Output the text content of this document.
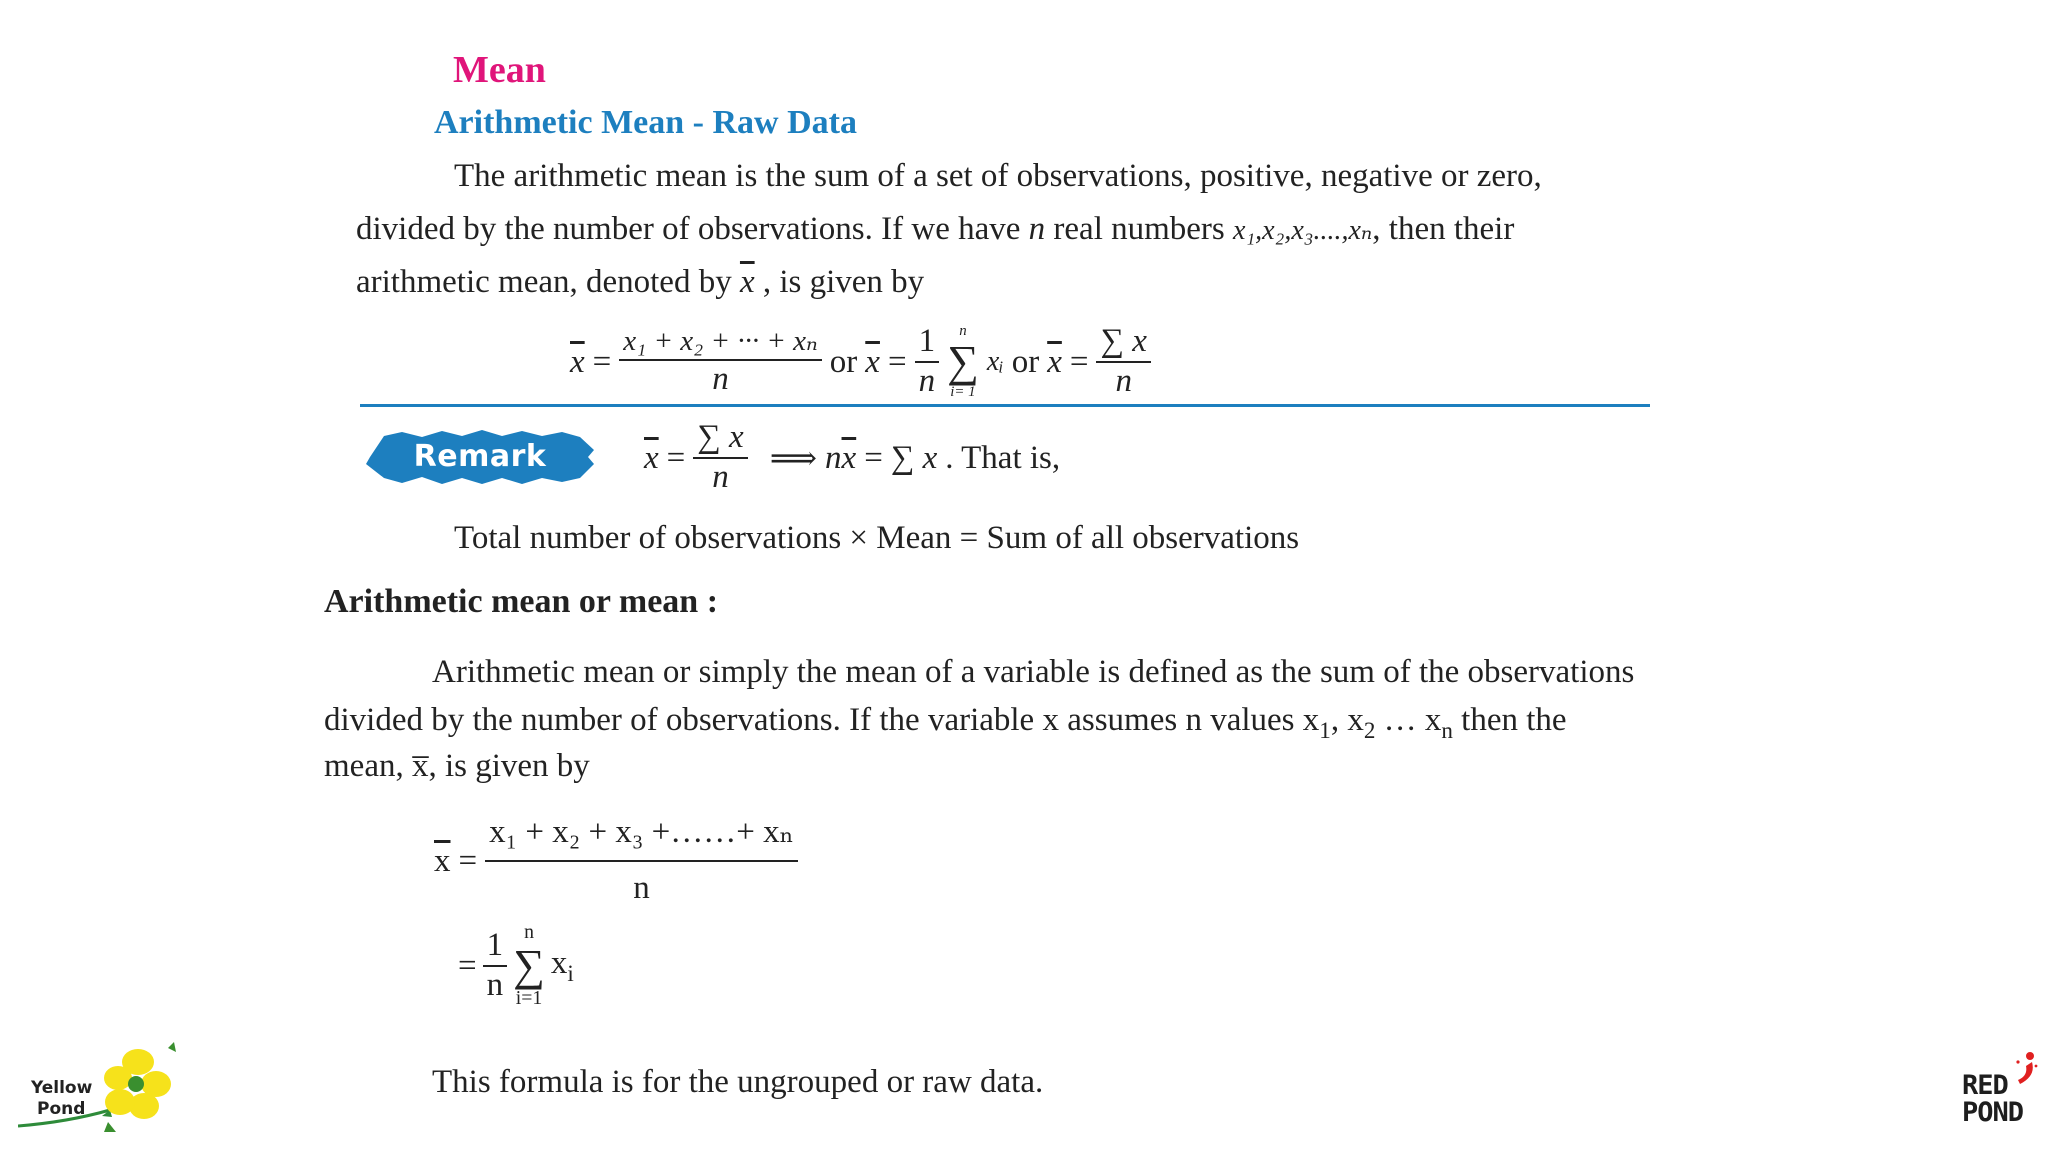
Mean
Arithmetic Mean - Raw Data
The arithmetic mean is the sum of a set of observations, positive, negative or zero,
divided by the number of observations. If we have n real numbers x₁,x₂,x₃....,xₙ, then their
arithmetic mean, denoted by $\overline{x}$ , is given by
$\overline{x} = \frac{\text{x₁ + x₂ + ··· + xₙ}}{n}$ or $\overline{x} = \frac{1}{n}$	n
∑
i= 1
xᵢ or $\overline{x} = \frac{\sum x}{n}$
Remark	$\overline{x} = \frac{\sum x}{n}$ ⟹ $n\overline{x}$ = ∑ x . That is,
Total number of observations × Mean = Sum of all observations
Arithmetic mean or mean :
Arithmetic mean or simply the mean of a variable is defined as the sum of the observations
divided by the number of observations. If the variable x assumes n values $x_1$, $x_2$ … $x_n$ then the
mean, x̅, is given by
$\overline{x} = \frac{\text{x₁ + x₂ + x₃ +……+ xₙ}}{n}$
= $\frac{1}{n}$ n
∑
i=1
$x_i$
This formula is for the ungrouped or raw data.
Yellow
Pond
RED
POND
